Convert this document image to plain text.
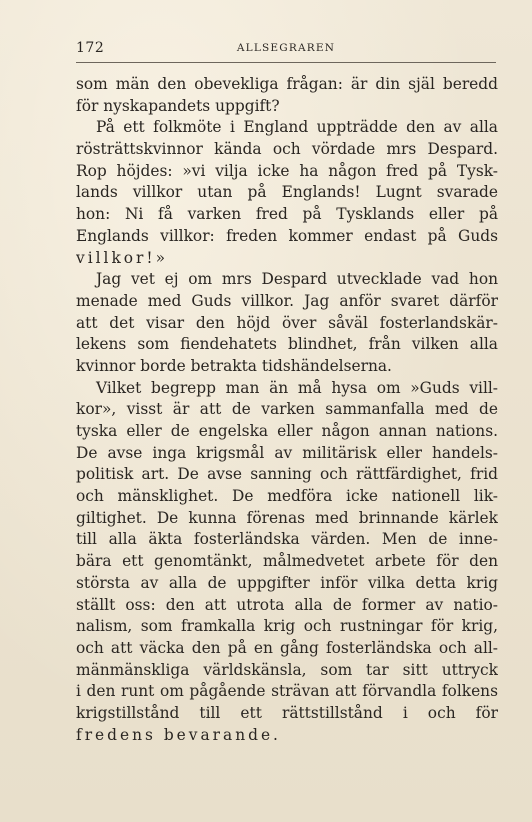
172	ALLSEGRAREN
som män den obevekliga frågan: är din själ beredd
för nyskapandets uppgift?
På ett folkmöte i England uppträdde den av alla
rösträttskvinnor kända och vördade mrs Despard.
Rop höjdes: »vi vilja icke ha någon fred på Tysk-
lands villkor utan på Englands! Lugnt svarade
hon: Ni få varken fred på Tysklands eller på
Englands villkor: freden kommer endast på Guds
villkor!»
Jag vet ej om mrs Despard utvecklade vad hon
menade med Guds villkor. Jag anför svaret därför
att det visar den höjd över såväl fosterlandskär-
lekens som fiendehatets blindhet, från vilken alla
kvinnor borde betrakta tidshändelserna.
Vilket begrepp man än må hysa om »Guds vill-
kor», visst är att de varken sammanfalla med de
tyska eller de engelska eller någon annan nations.
De avse inga krigsmål av militärisk eller handels-
politisk art. De avse sanning och rättfärdighet, frid
och mänsklighet. De medföra icke nationell lik-
giltighet. De kunna förenas med brinnande kärlek
till alla äkta fosterländska värden. Men de inne-
bära ett genomtänkt, målmedvetet arbete för den
största av alla de uppgifter inför vilka detta krig
ställt oss: den att utrota alla de former av natio-
nalism, som framkalla krig och rustningar för krig,
och att väcka den på en gång fosterländska och all-
mänmänskliga världskänsla, som tar sitt uttryck
i den runt om pågående strävan att förvandla folkens
krigstillstånd till ett rättstillstånd i och för
fredens bevarande.
